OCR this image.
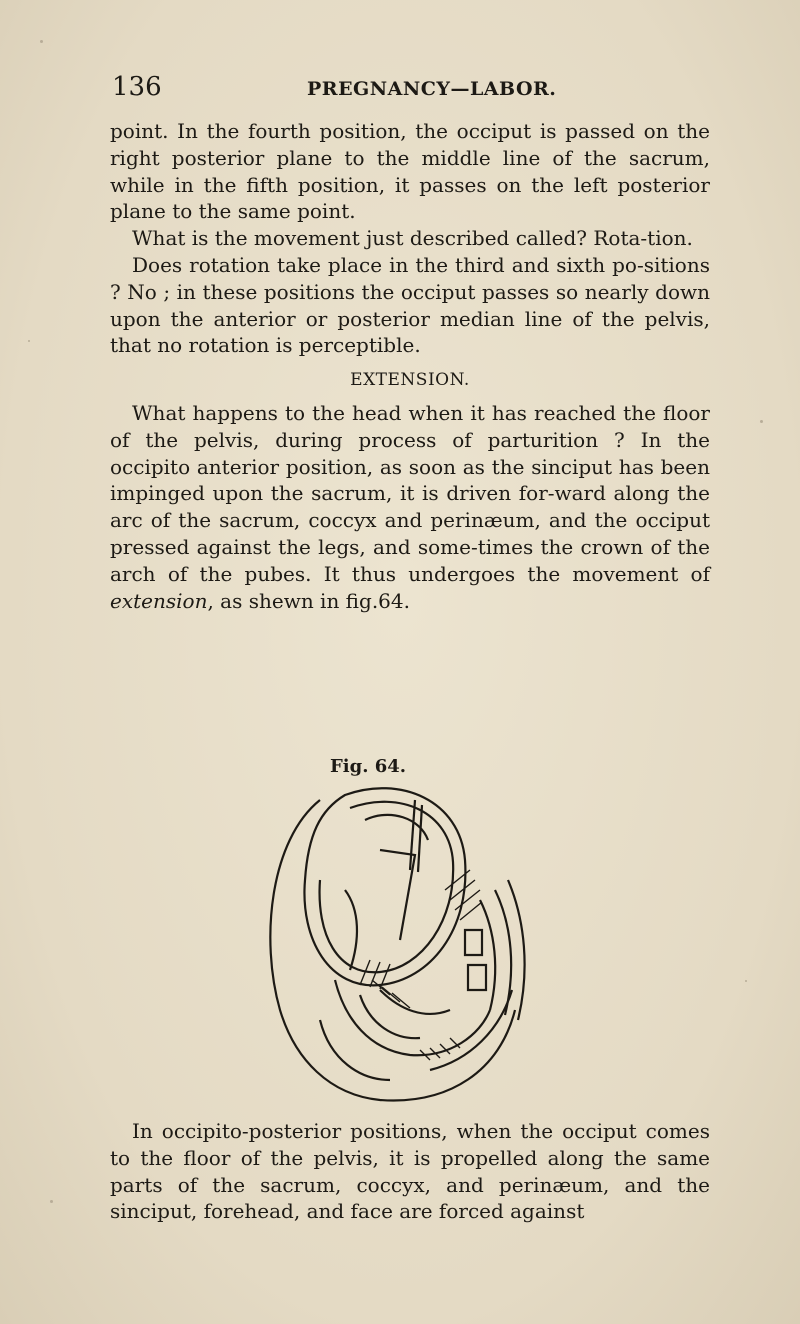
136	PREGNANCY—LABOR.

point. In the fourth position, the occiput is passed on the right posterior plane to the middle line of the sacrum, while in the fifth position, it passes on the left posterior plane to the same point.

What is the movement just described called? Rota-tion.

Does rotation take place in the third and sixth po-sitions ? No ; in these positions the occiput passes so nearly down upon the anterior or posterior median line of the pelvis, that no rotation is perceptible.

EXTENSION.

What happens to the head when it has reached the floor of the pelvis, during process of parturition ? In the occipito anterior position, as soon as the sinciput has been impinged upon the sacrum, it is driven for-ward along the arc of the sacrum, coccyx and perinæum, and the occiput pressed against the legs, and some-times the crown of the arch of the pubes. It thus undergoes the movement of extension, as shewn in fig.64.

Fig. 64.

In occipito-posterior positions, when the occiput comes to the floor of the pelvis, it is propelled along the same parts of the sacrum, coccyx, and perinæum, and the sinciput, forehead, and face are forced against
